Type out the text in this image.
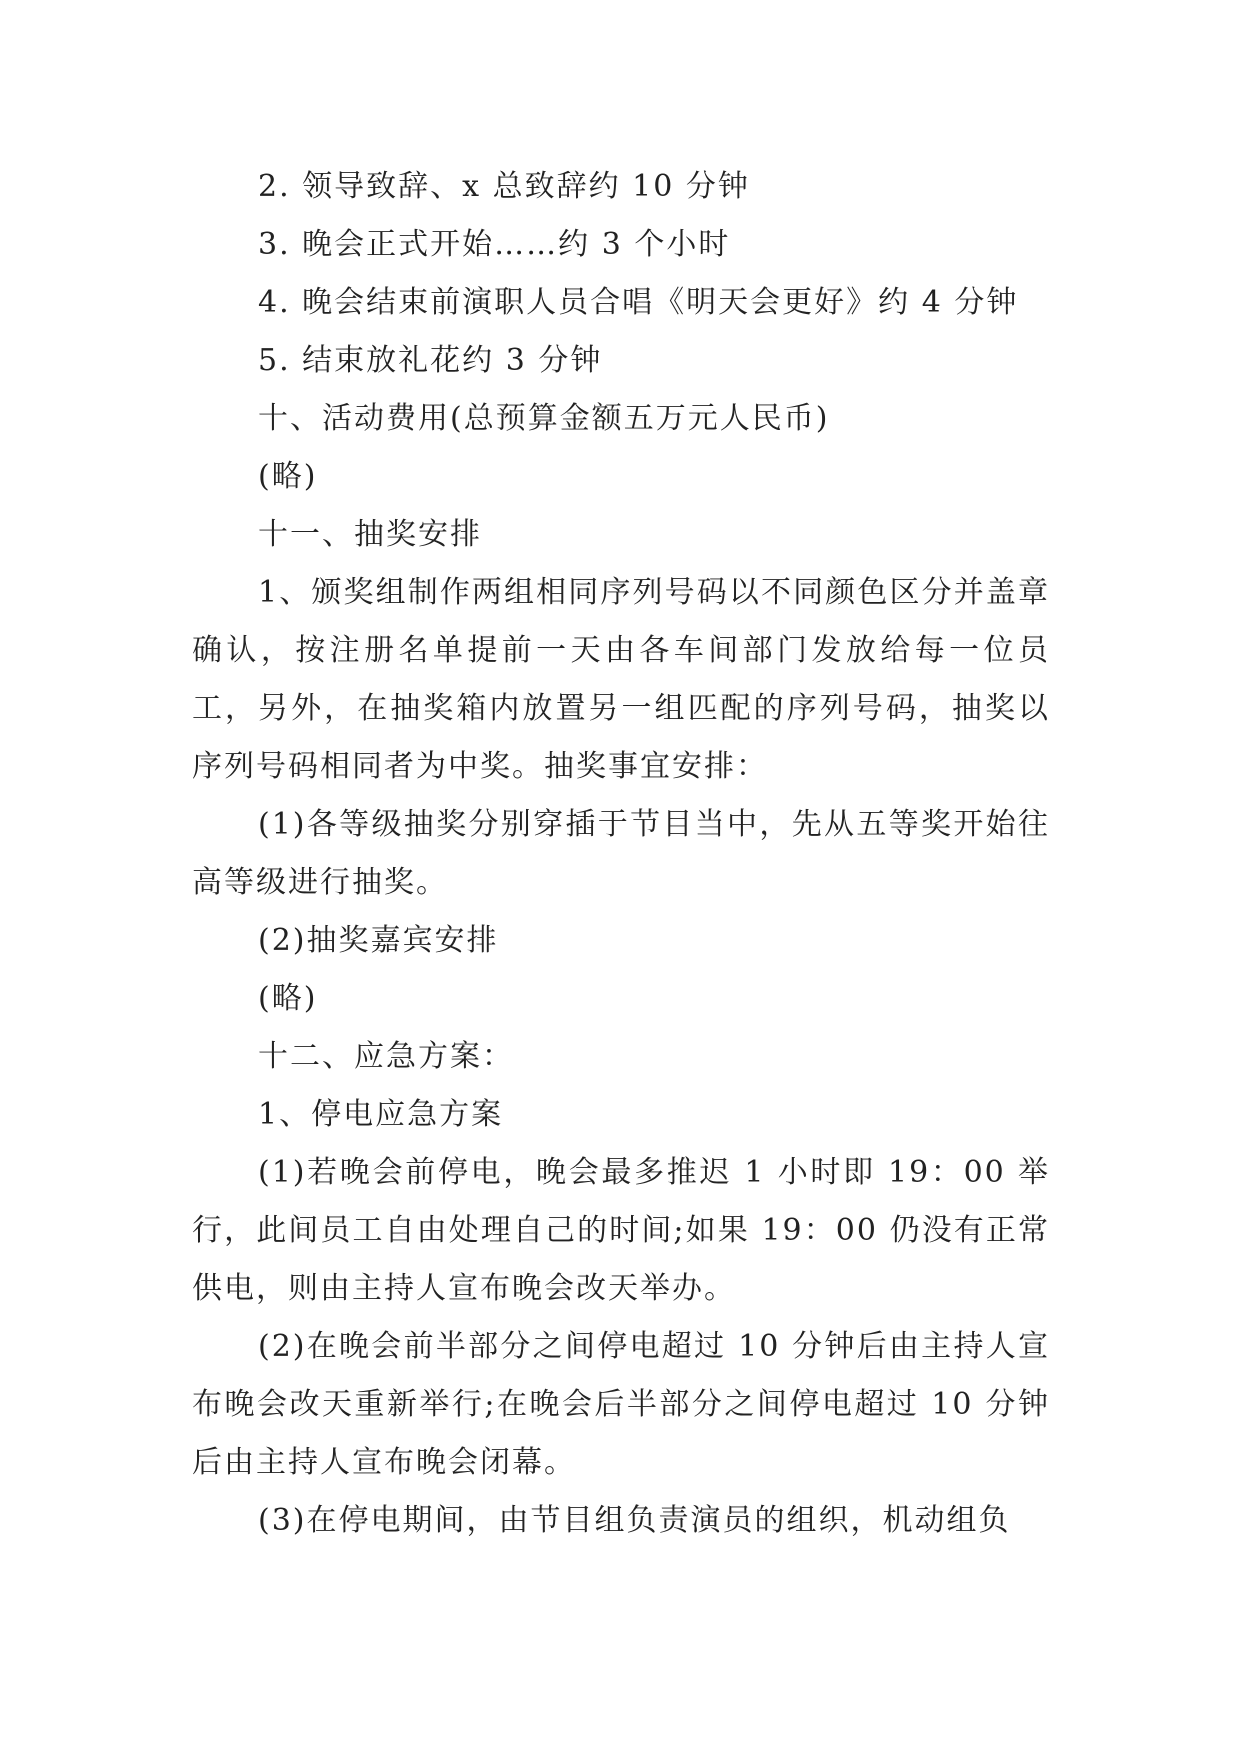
2. 领导致辞、x 总致辞约 10 分钟

3. 晚会正式开始……约 3 个小时

4. 晚会结束前演职人员合唱《明天会更好》约 4 分钟

5. 结束放礼花约 3 分钟

十、活动费用(总预算金额五万元人民币)

(略)

十一、抽奖安排

1、颁奖组制作两组相同序列号码以不同颜色区分并盖章确认，按注册名单提前一天由各车间部门发放给每一位员工，另外，在抽奖箱内放置另一组匹配的序列号码，抽奖以序列号码相同者为中奖。抽奖事宜安排：

(1)各等级抽奖分别穿插于节目当中，先从五等奖开始往高等级进行抽奖。

(2)抽奖嘉宾安排

(略)

十二、应急方案：

1、停电应急方案

(1)若晚会前停电，晚会最多推迟 1 小时即 19：00 举行，此间员工自由处理自己的时间;如果 19：00 仍没有正常供电，则由主持人宣布晚会改天举办。

(2)在晚会前半部分之间停电超过 10 分钟后由主持人宣布晚会改天重新举行;在晚会后半部分之间停电超过 10 分钟后由主持人宣布晚会闭幕。

(3)在停电期间，由节目组负责演员的组织，机动组负
